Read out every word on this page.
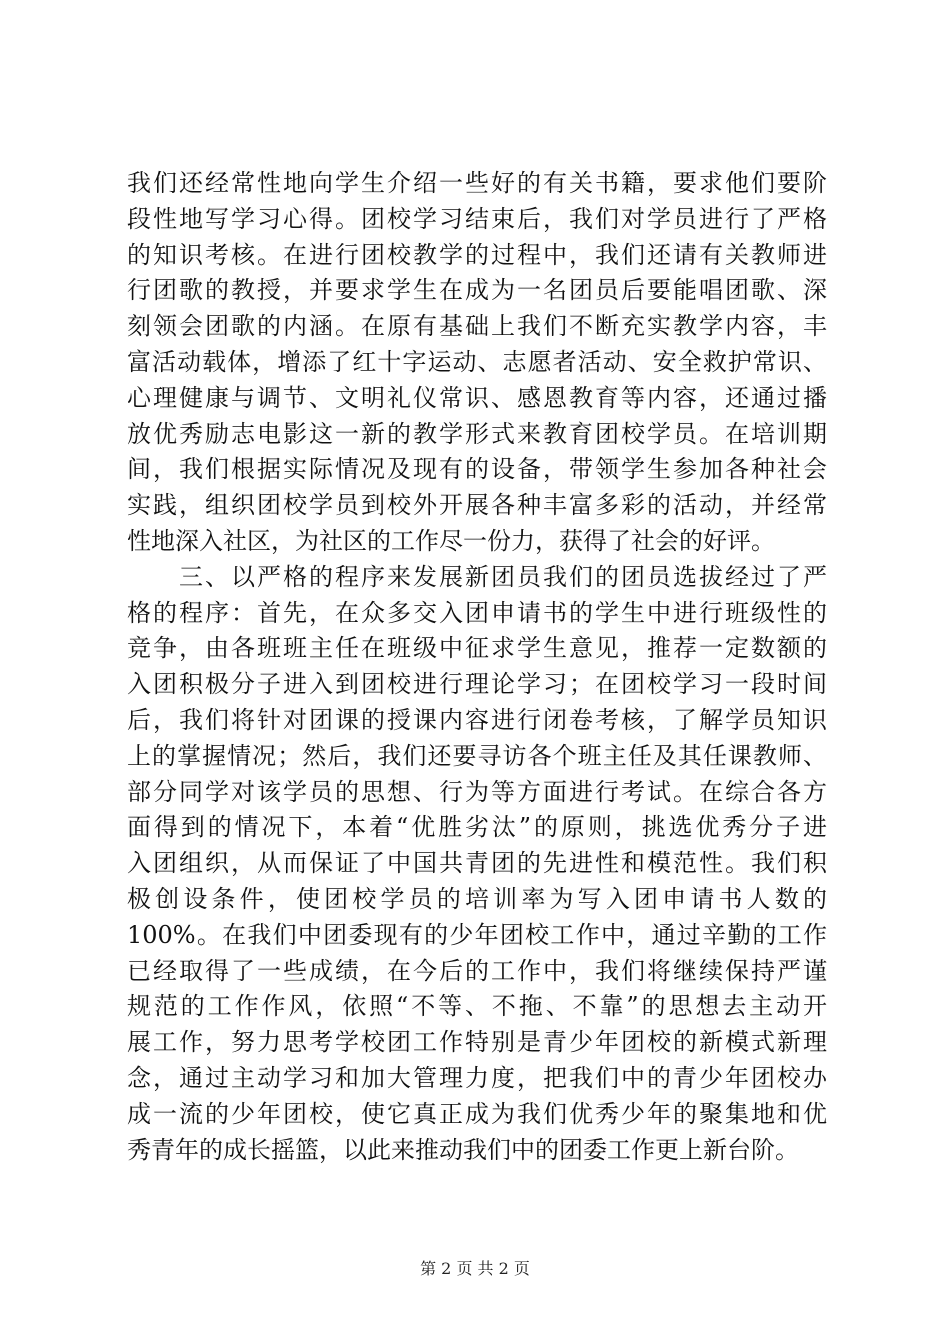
我们还经常性地向学生介绍一些好的有关书籍，要求他们要阶
段性地写学习心得。团校学习结束后，我们对学员进行了严格
的知识考核。在进行团校教学的过程中，我们还请有关教师进
行团歌的教授，并要求学生在成为一名团员后要能唱团歌、深
刻领会团歌的内涵。在原有基础上我们不断充实教学内容，丰
富活动载体，增添了红十字运动、志愿者活动、安全救护常识、
心理健康与调节、文明礼仪常识、感恩教育等内容，还通过播
放优秀励志电影这一新的教学形式来教育团校学员。在培训期
间，我们根据实际情况及现有的设备，带领学生参加各种社会
实践，组织团校学员到校外开展各种丰富多彩的活动，并经常
性地深入社区，为社区的工作尽一份力，获得了社会的好评。
　　三、以严格的程序来发展新团员我们的团员选拔经过了严
格的程序：首先，在众多交入团申请书的学生中进行班级性的
竞争，由各班班主任在班级中征求学生意见，推荐一定数额的
入团积极分子进入到团校进行理论学习；在团校学习一段时间
后，我们将针对团课的授课内容进行闭卷考核，了解学员知识
上的掌握情况；然后，我们还要寻访各个班主任及其任课教师、
部分同学对该学员的思想、行为等方面进行考试。在综合各方
面得到的情况下，本着“优胜劣汰”的原则，挑选优秀分子进
入团组织，从而保证了中国共青团的先进性和模范性。我们积
极创设条件，使团校学员的培训率为写入团申请书人数的
100%。在我们中团委现有的少年团校工作中，通过辛勤的工作
已经取得了一些成绩，在今后的工作中，我们将继续保持严谨
规范的工作作风，依照“不等、不拖、不靠”的思想去主动开
展工作，努力思考学校团工作特别是青少年团校的新模式新理
念，通过主动学习和加大管理力度，把我们中的青少年团校办
成一流的少年团校，使它真正成为我们优秀少年的聚集地和优
秀青年的成长摇篮，以此来推动我们中的团委工作更上新台阶。
第 2 页 共 2 页
